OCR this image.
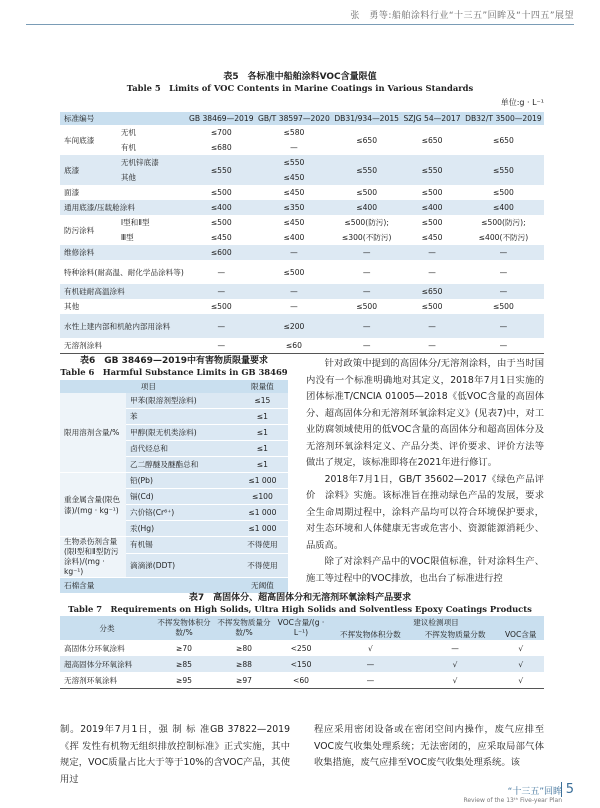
张　勇等:船舶涂料行业“十三五”回眸及“十四五”展望
表5　各标准中船舶涂料VOC含量限值
Table 5　Limits of VOC Contents in Marine Coatings in Various Standards
单位:g · L⁻¹
标准编号		GB 38469—2019	GB/T 38597—2020	DB31/934—2015	SZJG 54—2017	DB32/T 3500—2019
车间底漆	无机	≤700	≤580	≤650	≤650	≤650
	有机	≤680	—			
底漆	无机锌底漆	≤550	≤550	≤550	≤550	≤550
	其他		≤450			
面漆		≤500	≤450	≤500	≤500	≤500
通用底漆/压载舱涂料		≤400	≤350	≤400	≤400	≤400
防污涂料	Ⅰ型和Ⅱ型	≤500	≤450	≤500(防污);	≤500	≤500(防污);
	Ⅲ型	≤450	≤400	≤300(不防污)	≤450	≤400(不防污)
维修涂料		≤600	—	—	—	—
特种涂料(耐高温、耐化学品涂料等)		—	≤500	—	—	—
有机硅耐高温涂料		—	—	—	≤650	—
其他		≤500	—	≤500	≤500	≤500
水性上建内部和机舱内部用涂料		—	≤200	—	—	—
无溶剂涂料		—	≤60	—	—	—
表6　GB 38469—2019中有害物质限量要求
Table 6　Harmful Substance Limits in GB 38469
项目		限量值
限用溶剂含量/%	甲苯(限溶剂型涂料)	≤15
	苯	≤1
	甲醇(限无机类涂料)	≤1
	卤代烃总和	≤1
	乙二醇醚及醚酯总和	≤1
重金属含量(限色漆)/(mg · kg⁻¹)	铅(Pb)	≤1 000
	镉(Cd)	≤100
	六价铬(Cr⁶⁺)	≤1 000
	汞(Hg)	≤1 000
生物杀伤剂含量(限Ⅰ型和Ⅱ型防污涂料)/(mg · kg⁻¹)	有机锡	不得使用
	滴滴涕(DDT)	不得使用
石棉含量		无阈值

针对政策中提到的高固体分/无溶剂涂料，由于当时国内没有一个标准明确地对其定义，2018年7月1日实施的团体标准T/CNCIA 01005—2018《低VOC含量的高固体分、超高固体分和无溶剂环氧涂料定义》(见表7)中，对工业防腐领域使用的低VOC含量的高固体分和超高固体分及无溶剂环氧涂料定义、产品分类、评价要求、评价方法等做出了规定，该标准即将在2021年进行修订。

2018年7月1日，GB/T 35602—2017《绿色产品评价　涂料》实施。该标准旨在推动绿色产品的发展，要求全生命周期过程中，涂料产品均可以符合环境保护要求，对生态环境和人体健康无害或危害小、资源能源消耗少、品质高。

除了对涂料产品中的VOC限值标准，针对涂料生产、施工等过程中的VOC排放，也出台了标准进行控

表7　高固体分、超高固体分和无溶剂环氧涂料产品要求
Table 7　Requirements on High Solids, Ultra High Solids and Solventless Epoxy Coatings Products
分类	不挥发物体积分数/%	不挥发物质量分数/%	VOC含量/(g · L⁻¹)	建议检测项目		
				不挥发物体积分数	不挥发物质量分数	VOC含量
高固体分环氧涂料	≥70	≥80	<250	√	—	√
超高固体分环氧涂料	≥85	≥88	<150	—	√	√
无溶剂环氧涂料	≥95	≥97	<60	—	√	√

制。2019年7月1日，强 制 标 准GB 37822—2019《挥 发性有机物无组织排放控制标准》正式实施，其中规定，VOC质量占比大于等于10%的含VOC产品，其使用过

程应采用密闭设备或在密闭空间内操作，废气应排至VOC废气收集处理系统；无法密闭的，应采取局部气体收集措施，废气应排至VOC废气收集处理系统。该

“十三五”回眸
Review of the 13ᵗʰ Five-year Plan
5
